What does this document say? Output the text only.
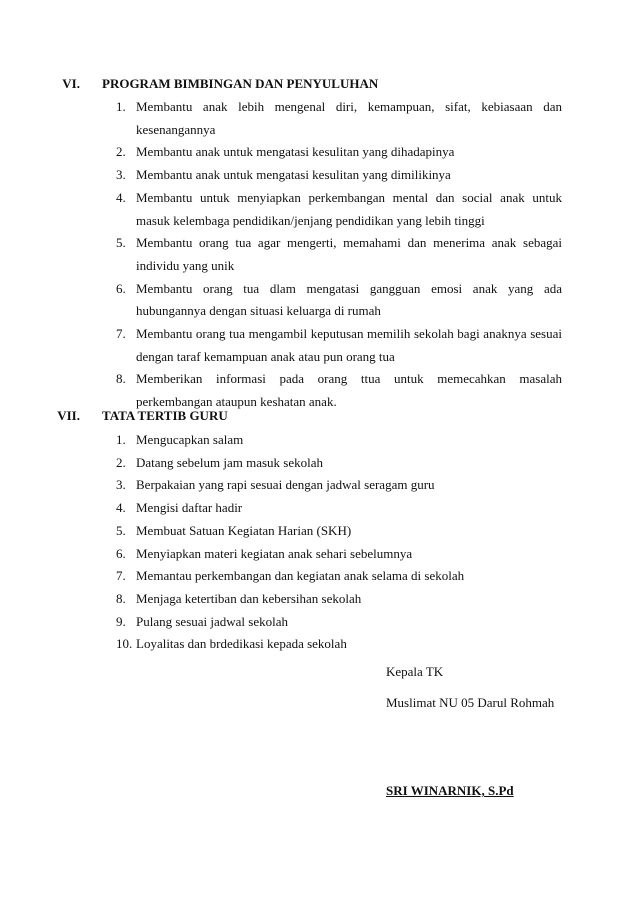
VI. PROGRAM BIMBINGAN DAN PENYULUHAN
1. Membantu anak lebih mengenal diri, kemampuan, sifat, kebiasaan dan kesenangannya
2. Membantu anak untuk mengatasi kesulitan yang dihadapinya
3. Membantu anak untuk mengatasi kesulitan yang dimilikinya
4. Membantu untuk menyiapkan perkembangan mental dan social anak untuk masuk kelembaga pendidikan/jenjang pendidikan yang lebih tinggi
5. Membantu orang tua agar mengerti, memahami dan menerima anak sebagai individu yang unik
6. Membantu orang tua dlam mengatasi gangguan emosi anak yang ada hubungannya dengan situasi keluarga di rumah
7. Membantu orang tua mengambil keputusan memilih sekolah bagi anaknya sesuai dengan taraf kemampuan anak atau pun orang tua
8. Memberikan informasi pada orang ttua untuk memecahkan masalah perkembangan ataupun keshatan anak.
VII. TATA TERTIB GURU
1. Mengucapkan salam
2. Datang sebelum jam masuk sekolah
3. Berpakaian yang rapi sesuai dengan jadwal seragam guru
4. Mengisi daftar hadir
5. Membuat Satuan Kegiatan Harian (SKH)
6. Menyiapkan materi kegiatan anak sehari sebelumnya
7. Memantau perkembangan dan kegiatan anak selama di sekolah
8. Menjaga ketertiban dan kebersihan sekolah
9. Pulang sesuai jadwal sekolah
10. Loyalitas dan brdedikasi kepada sekolah
Kepala TK
Muslimat NU 05 Darul Rohmah
SRI WINARNIK, S.Pd
